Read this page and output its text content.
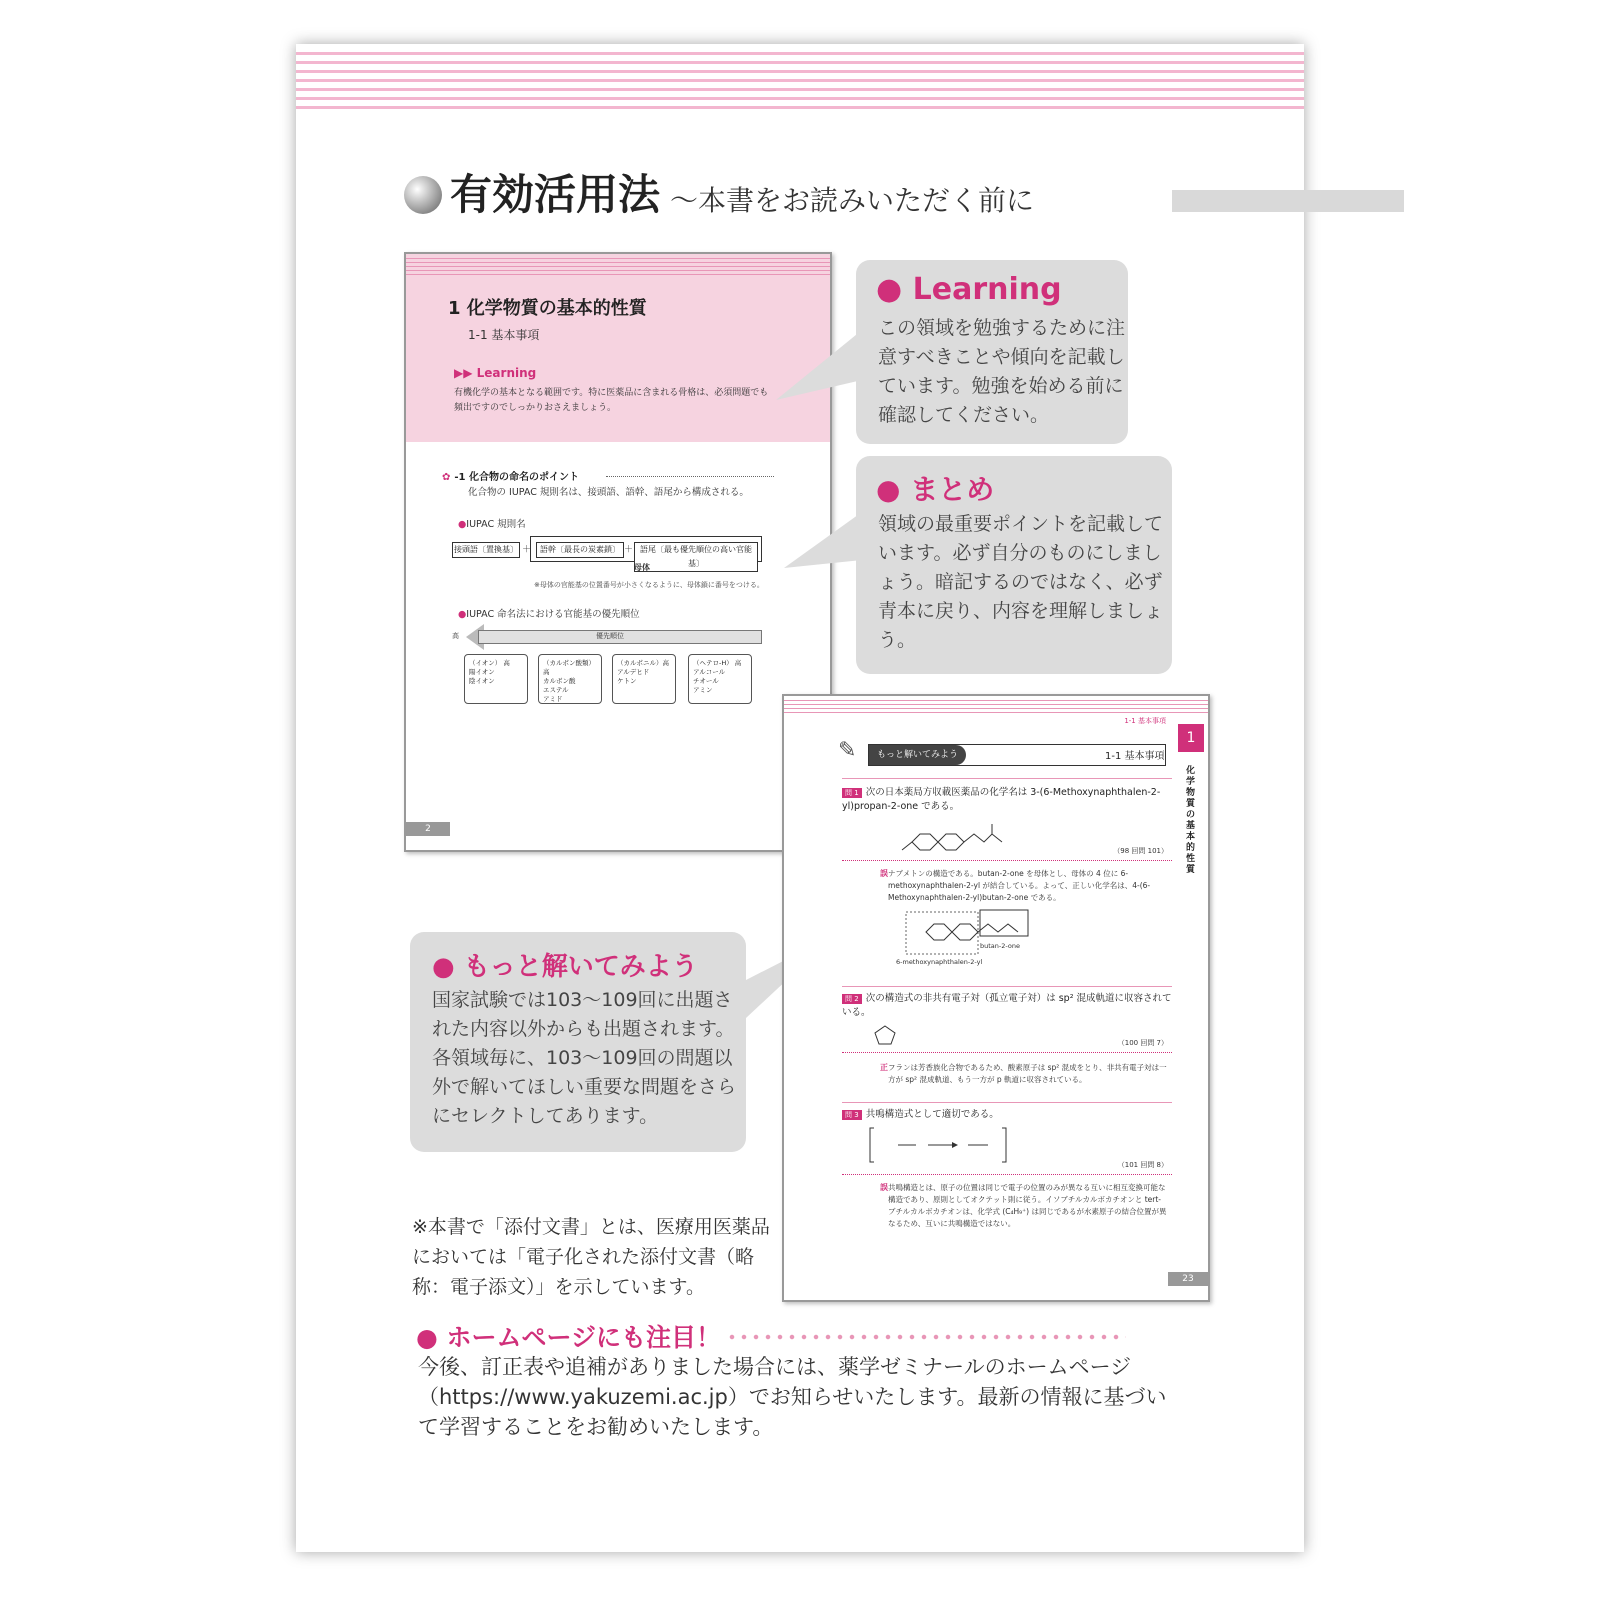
有効活用法 ～本書をお読みいただく前に
1 化学物質の基本的性質
1-1 基本事項
▶▶ Learning
有機化学の基本となる範囲です。特に医薬品に含まれる骨格は、必須問題でも頻出ですのでしっかりおさえましょう。
✿ -1 化合物の命名のポイント
化合物の IUPAC 規則名は、接頭語、語幹、語尾から構成される。
●IUPAC 規則名
接頭語〔置換基〕 ＋	語幹〔最長の炭素鎖〕 ＋ 語尾〔最も優先順位の高い官能基〕
母体
※母体の官能基の位置番号が小さくなるように、母体鎖に番号をつける。
●IUPAC 命名法における官能基の優先順位
高	優先順位
（イオン） 高
陽イオン
陰イオン
（カルボン酸類）高
カルボン酸
エステル
アミド
（カルボニル）高
アルデヒド
ケトン
（ヘテロ-H） 高
アルコール
チオール
アミン
2
● Learning
この領域を勉強するために注意すべきことや傾向を記載しています。勉強を始める前に確認してください。
● まとめ
領域の最重要ポイントを記載しています。必ず自分のものにしましょう。暗記するのではなく、必ず青本に戻り、内容を理解しましょう。
● もっと解いてみよう
国家試験では103～109回に出題された内容以外からも出題されます。各領域毎に、103～109回の問題以外で解いてほしい重要な問題をさらにセレクトしてあります。
1-1 基本事項
1
化学物質の基本的性質
✎	もっと解いてみよう	1-1 基本事項
問 1 次の日本薬局方収載医薬品の化学名は 3-(6-Methoxynaphthalen-2-yl)propan-2-one である。
（98 回問 101）
誤 ナブメトンの構造である。butan-2-one を母体とし、母体の 4 位に 6-methoxynaphthalen-2-yl が結合している。よって、正しい化学名は、4-(6-Methoxynaphthalen-2-yl)butan-2-one である。
butan-2-one
6-methoxynaphthalen-2-yl
問 2 次の構造式の非共有電子対（孤立電子対）は sp² 混成軌道に収容されている。
（100 回問 7）
正 フランは芳香族化合物であるため、酸素原子は sp² 混成をとり、非共有電子対は一方が sp² 混成軌道、もう一方が p 軌道に収容されている。
問 3 共鳴構造式として適切である。
（101 回問 8）
誤 共鳴構造とは、原子の位置は同じで電子の位置のみが異なる互いに相互変換可能な構造であり、原則としてオクテット則に従う。イソブチルカルボカチオンと tert-ブチルカルボカチオンは、化学式 (C₄H₉⁺) は同じであるが水素原子の結合位置が異なるため、互いに共鳴構造ではない。
23
※本書で「添付文書」とは、医療用医薬品においては「電子化された添付文書（略称：電子添文）」を示しています。
● ホームページにも注目！
今後、訂正表や追補がありました場合には、薬学ゼミナールのホームページ（https://www.yakuzemi.ac.jp）でお知らせいたします。最新の情報に基づいて学習することをお勧めいたします。
